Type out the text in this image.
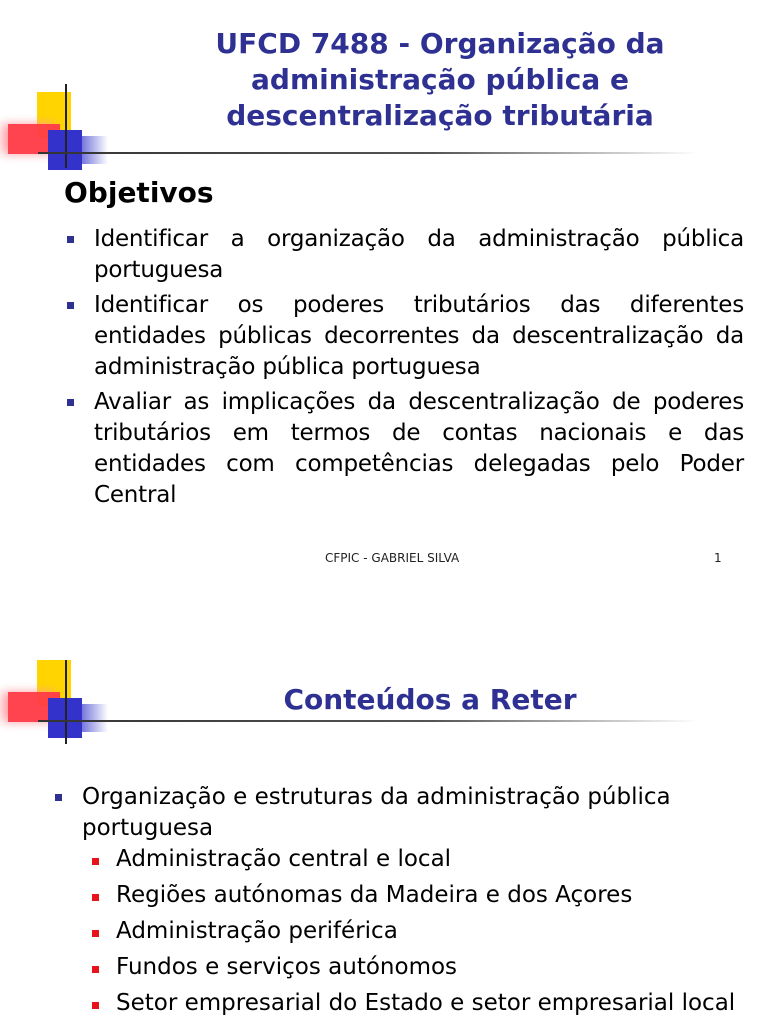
UFCD 7488 - Organização da administração pública e descentralização tributária
Objetivos
Identificar a organização da administração pública portuguesa
Identificar os poderes tributários das diferentes entidades públicas decorrentes da descentralização da administração pública portuguesa
Avaliar as implicações da descentralização de poderes tributários em termos de contas nacionais e das entidades com competências delegadas pelo Poder Central
CFPIC - GABRIEL SILVA	1
Conteúdos a Reter
Organização e estruturas da administração pública portuguesa
Administração central e local
Regiões autónomas da Madeira e dos Açores
Administração periférica
Fundos e serviços autónomos
Setor empresarial do Estado e setor empresarial local
